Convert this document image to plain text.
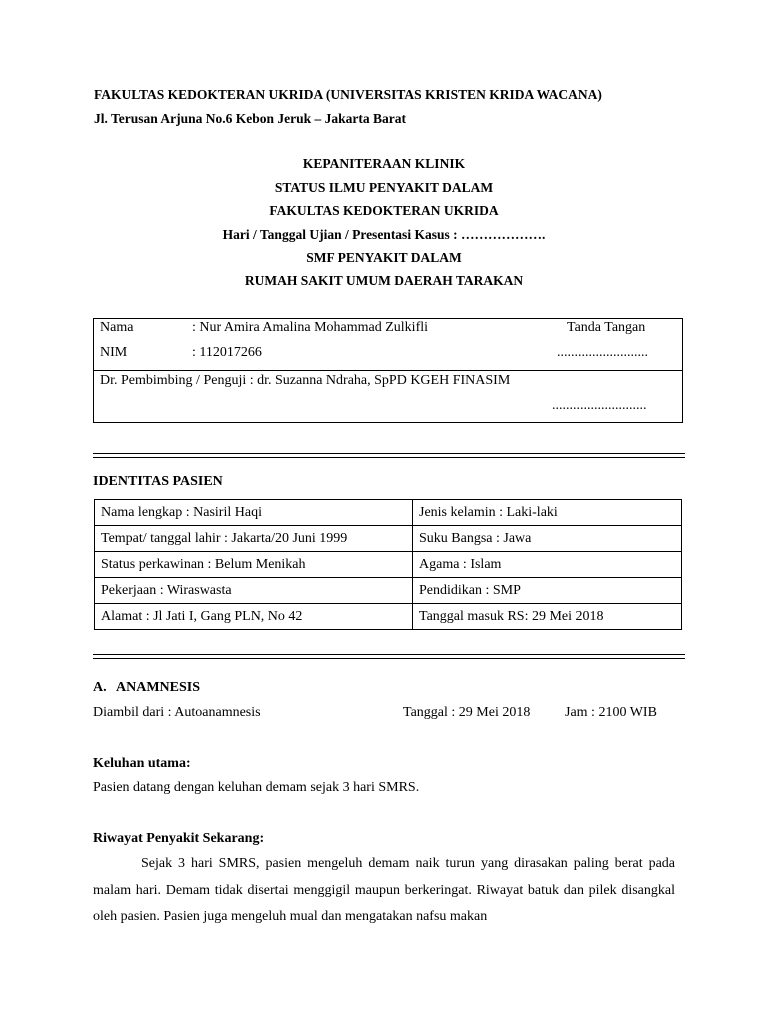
FAKULTAS KEDOKTERAN UKRIDA (UNIVERSITAS KRISTEN KRIDA WACANA)
Jl. Terusan Arjuna No.6 Kebon Jeruk – Jakarta Barat
KEPANITERAAN KLINIK
STATUS ILMU PENYAKIT DALAM
FAKULTAS KEDOKTERAN UKRIDA
Hari / Tanggal Ujian / Presentasi Kasus : ……………….
SMF PENYAKIT DALAM
RUMAH SAKIT UMUM DAERAH TARAKAN
Nama	: Nur Amira Amalina Mohammad Zulkifli	Tanda Tangan
NIM	: 112017266	..........................
Dr. Pembimbing / Penguji : dr. Suzanna Ndraha, SpPD KGEH FINASIM
...........................
IDENTITAS PASIEN
Nama lengkap : Nasiril Haqi	Jenis kelamin : Laki-laki
Tempat/ tanggal lahir : Jakarta/20 Juni 1999	Suku Bangsa : Jawa
Status perkawinan : Belum Menikah	Agama : Islam
Pekerjaan : Wiraswasta	Pendidikan : SMP
Alamat : Jl Jati I, Gang PLN, No 42	Tanggal masuk RS: 29 Mei 2018
A. ANAMNESIS
Diambil dari : Autoanamnesis	Tanggal : 29 Mei 2018 Jam : 2100 WIB
Keluhan utama:
Pasien datang dengan keluhan demam sejak 3 hari SMRS.
Riwayat Penyakit Sekarang:
Sejak 3 hari SMRS, pasien mengeluh demam naik turun yang dirasakan paling berat pada malam hari. Demam tidak disertai menggigil maupun berkeringat. Riwayat batuk dan pilek disangkal oleh pasien. Pasien juga mengeluh mual dan mengatakan nafsu makan
